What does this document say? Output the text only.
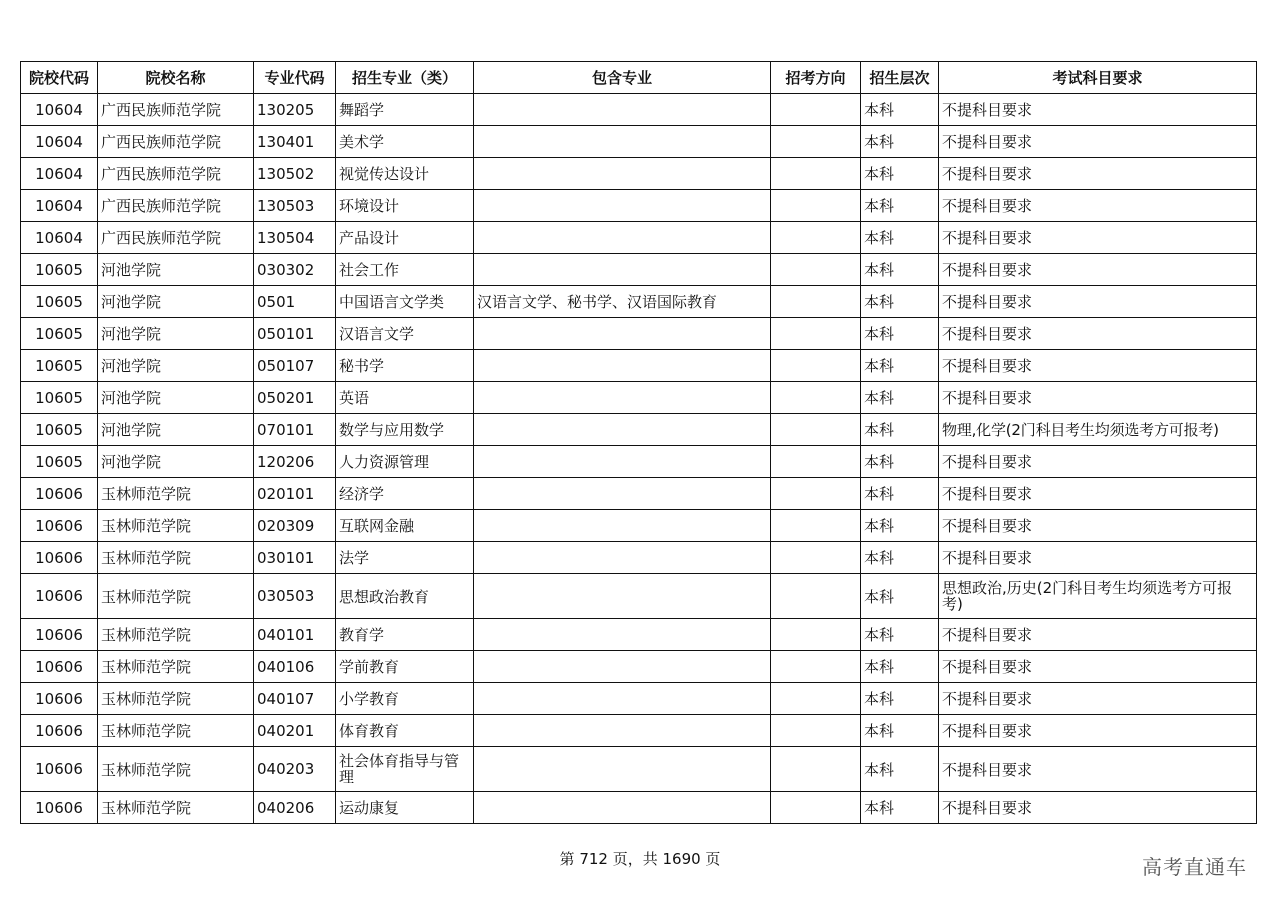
院校代码	院校名称	专业代码	招生专业（类）	包含专业	招考方向	招生层次	考试科目要求
10604	广西民族师范学院	130205	舞蹈学			本科	不提科目要求
10604	广西民族师范学院	130401	美术学			本科	不提科目要求
10604	广西民族师范学院	130502	视觉传达设计			本科	不提科目要求
10604	广西民族师范学院	130503	环境设计			本科	不提科目要求
10604	广西民族师范学院	130504	产品设计			本科	不提科目要求
10605	河池学院	030302	社会工作			本科	不提科目要求
10605	河池学院	0501	中国语言文学类	汉语言文学、秘书学、汉语国际教育		本科	不提科目要求
10605	河池学院	050101	汉语言文学			本科	不提科目要求
10605	河池学院	050107	秘书学			本科	不提科目要求
10605	河池学院	050201	英语			本科	不提科目要求
10605	河池学院	070101	数学与应用数学			本科	物理,化学(2门科目考生均须选考方可报考)
10605	河池学院	120206	人力资源管理			本科	不提科目要求
10606	玉林师范学院	020101	经济学			本科	不提科目要求
10606	玉林师范学院	020309	互联网金融			本科	不提科目要求
10606	玉林师范学院	030101	法学			本科	不提科目要求
10606	玉林师范学院	030503	思想政治教育			本科	思想政治,历史(2门科目考生均须选考方可报考)
10606	玉林师范学院	040101	教育学			本科	不提科目要求
10606	玉林师范学院	040106	学前教育			本科	不提科目要求
10606	玉林师范学院	040107	小学教育			本科	不提科目要求
10606	玉林师范学院	040201	体育教育			本科	不提科目要求
10606	玉林师范学院	040203	社会体育指导与管理			本科	不提科目要求
10606	玉林师范学院	040206	运动康复			本科	不提科目要求
第 712 页，共 1690 页	高考直通车
